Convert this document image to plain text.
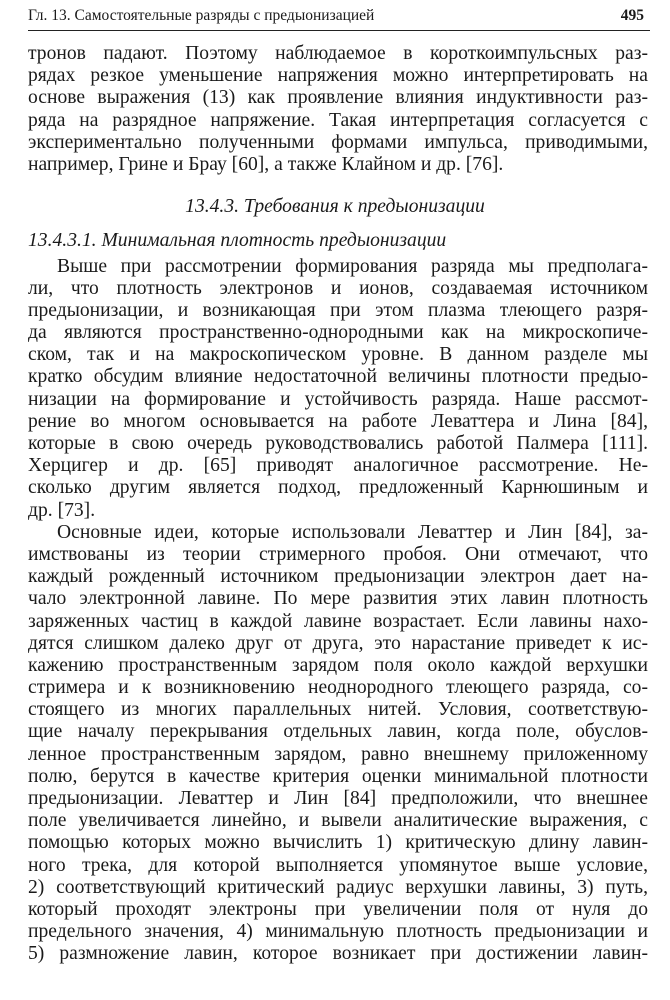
Гл. 13. Самостоятельные разряды с предыонизацией	495
тронов падают. Поэтому наблюдаемое в короткоимпульсных раз-
рядах резкое уменьшение напряжения можно интерпретировать на
основе выражения (13) как проявление влияния индуктивности раз-
ряда на разрядное напряжение. Такая интерпретация согласуется с
экспериментально полученными формами импульса, приводимыми,
например, Грине и Брау [60], а также Клайном и др. [76].
13.4.3. Требования к предыонизации
13.4.3.1. Минимальная плотность предыонизации
Выше при рассмотрении формирования разряда мы предполага-
ли, что плотность электронов и ионов, создаваемая источником
предыонизации, и возникающая при этом плазма тлеющего разря-
да являются пространственно-однородными как на микроскопиче-
ском, так и на макроскопическом уровне. В данном разделе мы
кратко обсудим влияние недостаточной величины плотности предыо-
низации на формирование и устойчивость разряда. Наше рассмот-
рение во многом основывается на работе Леваттера и Лина [84],
которые в свою очередь руководствовались работой Палмера [111].
Херцигер и др. [65] приводят аналогичное рассмотрение. Не-
сколько другим является подход, предложенный Карнюшиным и
др. [73].
Основные идеи, которые использовали Леваттер и Лин [84], за-
имствованы из теории стримерного пробоя. Они отмечают, что
каждый рожденный источником предыонизации электрон дает на-
чало электронной лавине. По мере развития этих лавин плотность
заряженных частиц в каждой лавине возрастает. Если лавины нахо-
дятся слишком далеко друг от друга, это нарастание приведет к ис-
кажению пространственным зарядом поля около каждой верхушки
стримера и к возникновению неоднородного тлеющего разряда, со-
стоящего из многих параллельных нитей. Условия, соответствую-
щие началу перекрывания отдельных лавин, когда поле, обуслов-
ленное пространственным зарядом, равно внешнему приложенному
полю, берутся в качестве критерия оценки минимальной плотности
предыонизации. Леваттер и Лин [84] предположили, что внешнее
поле увеличивается линейно, и вывели аналитические выражения, с
помощью которых можно вычислить 1) критическую длину лавин-
ного трека, для которой выполняется упомянутое выше условие,
2) соответствующий критический радиус верхушки лавины, 3) путь,
который проходят электроны при увеличении поля от нуля до
предельного значения, 4) минимальную плотность предыонизации и
5) размножение лавин, которое возникает при достижении лавин-
